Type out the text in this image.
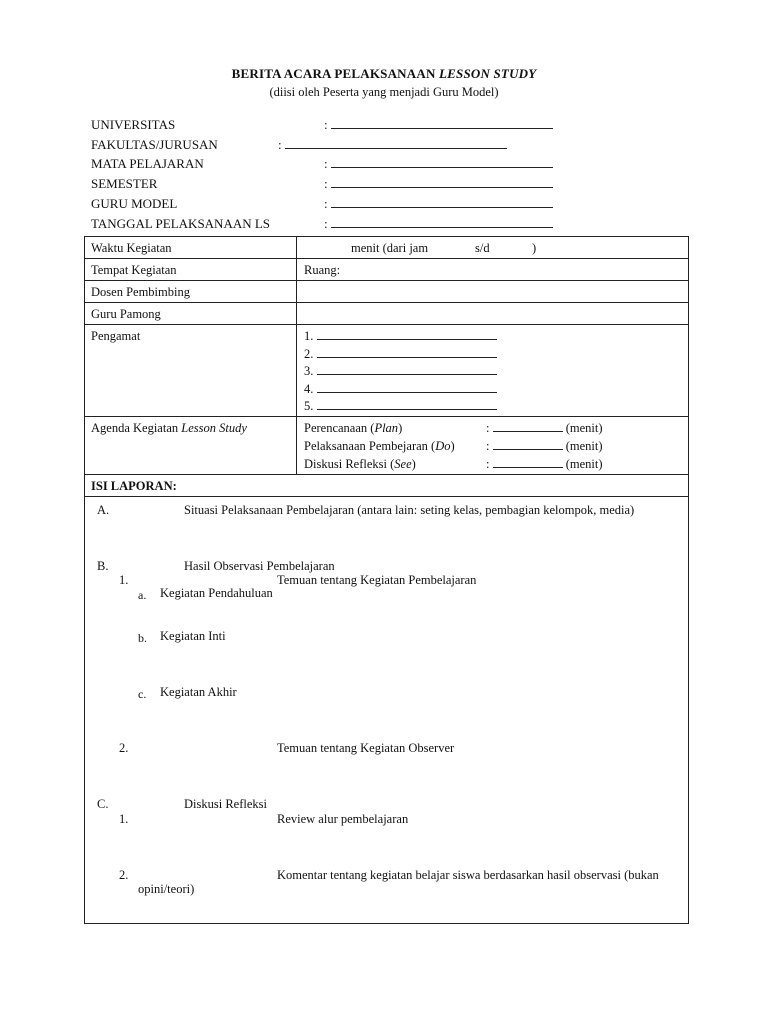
BERITA ACARA PELAKSANAAN LESSON STUDY
(diisi oleh Peserta yang menjadi Guru Model)
UNIVERSITAS	:
FAKULTAS/JURUSAN	:
MATA PELAJARAN	:
SEMESTER	:
GURU MODEL	:
TANGGAL PELAKSANAAN LS	:
Waktu Kegiatan	menit (dari jam	s/d	)
Tempat Kegiatan	Ruang:
Dosen Pembimbing
Guru Pamong
Pengamat	1.
2.
3.
4.
5.
Agenda Kegiatan Lesson Study	Perencanaan (Plan)	:	(menit)
Pelaksanaan Pembejaran (Do)	:	(menit)
Diskusi Refleksi (See)	:	(menit)
ISI LAPORAN:
A.	Situasi Pelaksanaan Pembelajaran (antara lain: seting kelas, pembagian kelompok, media)
B.	Hasil Observasi Pembelajaran
1.	Temuan tentang Kegiatan Pembelajaran
a. Kegiatan Pendahuluan
b. Kegiatan Inti
c. Kegiatan Akhir
2.	Temuan tentang Kegiatan Observer
C.	Diskusi Refleksi
1.	Review alur pembelajaran
2.	Komentar tentang kegiatan belajar siswa berdasarkan hasil observasi (bukan
opini/teori)
